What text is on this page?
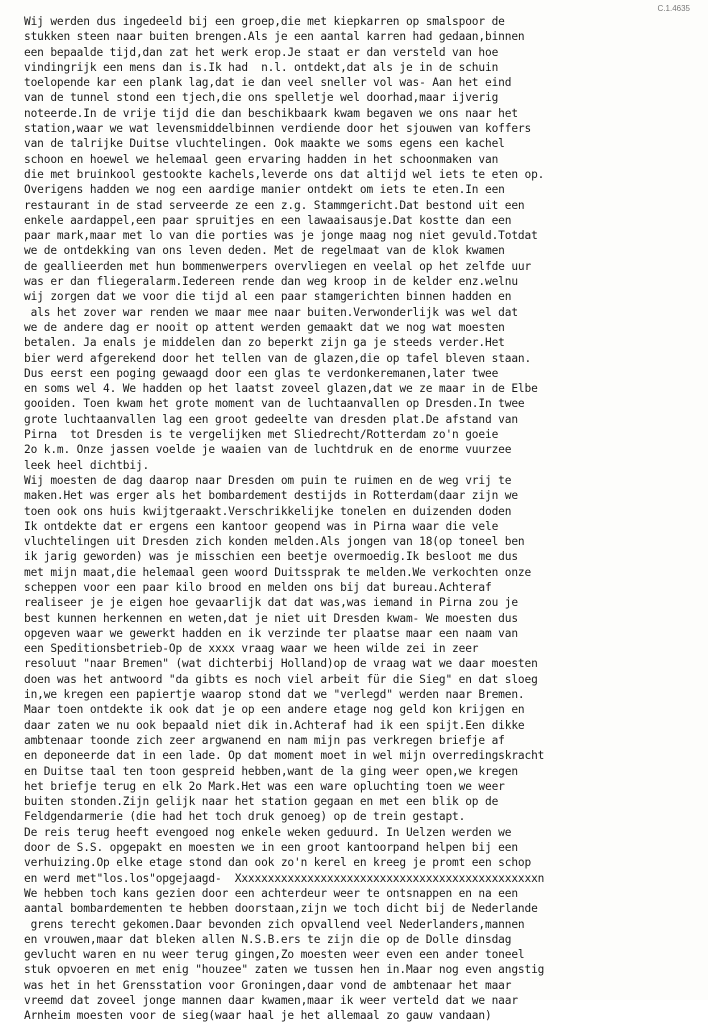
C.1.4635
Wij werden dus ingedeeld bij een groep,die met kiepkarren op smalspoor de
stukken steen naar buiten brengen.Als je een aantal karren had gedaan,binnen
een bepaalde tijd,dan zat het werk erop.Je staat er dan versteld van hoe
vindingrijk een mens dan is.Ik had  n.l. ontdekt,dat als je in de schuin
toelopende kar een plank lag,dat ie dan veel sneller vol was- Aan het eind
van de tunnel stond een tjech,die ons spelletje wel doorhad,maar ijverig
noteerde.In de vrije tijd die dan beschikbaark kwam begaven we ons naar het
station,waar we wat levensmiddelbinnen verdiende door het sjouwen van koffers
van de talrijke Duitse vluchtelingen. Ook maakte we soms egens een kachel
schoon en hoewel we helemaal geen ervaring hadden in het schoonmaken van
die met bruinkool gestookte kachels,leverde ons dat altijd wel iets te eten op.
Overigens hadden we nog een aardige manier ontdekt om iets te eten.In een
restaurant in de stad serveerde ze een z.g. Stammgericht.Dat bestond uit een
enkele aardappel,een paar spruitjes en een lawaaisausje.Dat kostte dan een
paar mark,maar met lo van die porties was je jonge maag nog niet gevuld.Totdat
we de ontdekking van ons leven deden. Met de regelmaat van de klok kwamen
de geallieerden met hun bommenwerpers overvliegen en veelal op het zelfde uur
was er dan fliegeralarm.Iedereen rende dan weg kroop in de kelder enz.welnu
wij zorgen dat we voor die tijd al een paar stamgerichten binnen hadden en
als het zover war renden we maar mee naar buiten.Verwonderlijk was wel dat
we de andere dag er nooit op attent werden gemaakt dat we nog wat moesten
betalen. Ja enals je middelen dan zo beperkt zijn ga je steeds verder.Het
bier werd afgerekend door het tellen van de glazen,die op tafel bleven staan.
Dus eerst een poging gewaagd door een glas te verdonkeremanen,later twee
en soms wel 4. We hadden op het laatst zoveel glazen,dat we ze maar in de Elbe
gooiden. Toen kwam het grote moment van de luchtaanvallen op Dresden.In twee
grote luchtaanvallen lag een groot gedeelte van dresden plat.De afstand van
Pirna  tot Dresden is te vergelijken met Sliedrecht/Rotterdam zo'n goeie
2o k.m. Onze jassen voelde je waaien van de luchtdruk en de enorme vuurzee
leek heel dichtbij.
Wij moesten de dag daarop naar Dresden om puin te ruimen en de weg vrij te
maken.Het was erger als het bombardement destijds in Rotterdam(daar zijn we
toen ook ons huis kwijtgeraakt.Verschrikkelijke tonelen en duizenden doden
Ik ontdekte dat er ergens een kantoor geopend was in Pirna waar die vele
vluchtelingen uit Dresden zich konden melden.Als jongen van 18(op toneel ben
ik jarig geworden) was je misschien een beetje overmoedig.Ik besloot me dus
met mijn maat,die helemaal geen woord Duitssprak te melden.We verkochten onze
scheppen voor een paar kilo brood en melden ons bij dat bureau.Achteraf
realiseer je je eigen hoe gevaarlijk dat dat was,was iemand in Pirna zou je
best kunnen herkennen en weten,dat je niet uit Dresden kwam- We moesten dus
opgeven waar we gewerkt hadden en ik verzinde ter plaatse maar een naam van
een Speditionsbetrieb-Op de xxxx vraag waar we heen wilde zei in zeer
resoluut "naar Bremen" (wat dichterbij Holland)op de vraag wat we daar moesten
doen was het antwoord "da gibts es noch viel arbeit für die Sieg" en dat sloeg
in,we kregen een papiertje waarop stond dat we "verlegd" werden naar Bremen.
Maar toen ontdekte ik ook dat je op een andere etage nog geld kon krijgen en
daar zaten we nu ook bepaald niet dik in.Achteraf had ik een spijt.Een dikke
ambtenaar toonde zich zeer argwanend en nam mijn pas verkregen briefje af
en deponeerde dat in een lade. Op dat moment moet in wel mijn overredingskracht
en Duitse taal ten toon gespreid hebben,want de la ging weer open,we kregen
het briefje terug en elk 2o Mark.Het was een ware opluchting toen we weer
buiten stonden.Zijn gelijk naar het station gegaan en met een blik op de
Feldgendarmerie (die had het toch druk genoeg) op de trein gestapt.
De reis terug heeft evengoed nog enkele weken geduurd. In Uelzen werden we
door de S.S. opgepakt en moesten we in een groot kantoorpand helpen bij een
verhuizing.Op elke etage stond dan ook zo'n kerel en kreeg je promt een schop
en werd met"los.los"opgejaagd-  Xxxxxxxxxxxxxxxxxxxxxxxxxxxxxxxxxxxxxxxxxxxxxxn
We hebben toch kans gezien door een achterdeur weer te ontsnappen en na een
aantal bombardementen te hebben doorstaan,zijn we toch dicht bij de Nederlande
grens terecht gekomen.Daar bevonden zich opvallend veel Nederlanders,mannen
en vrouwen,maar dat bleken allen N.S.B.ers te zijn die op de Dolle dinsdag
gevlucht waren en nu weer terug gingen,Zo moesten weer even een ander toneel
stuk opvoeren en met enig "houzee" zaten we tussen hen in.Maar nog even angstig
was het in het Grensstation voor Groningen,daar vond de ambtenaar het maar
vreemd dat zoveel jonge mannen daar kwamen,maar ik weer verteld dat we naar
Arnheim moesten voor de sieg(waar haal je het allemaal zo gauw vandaan)
